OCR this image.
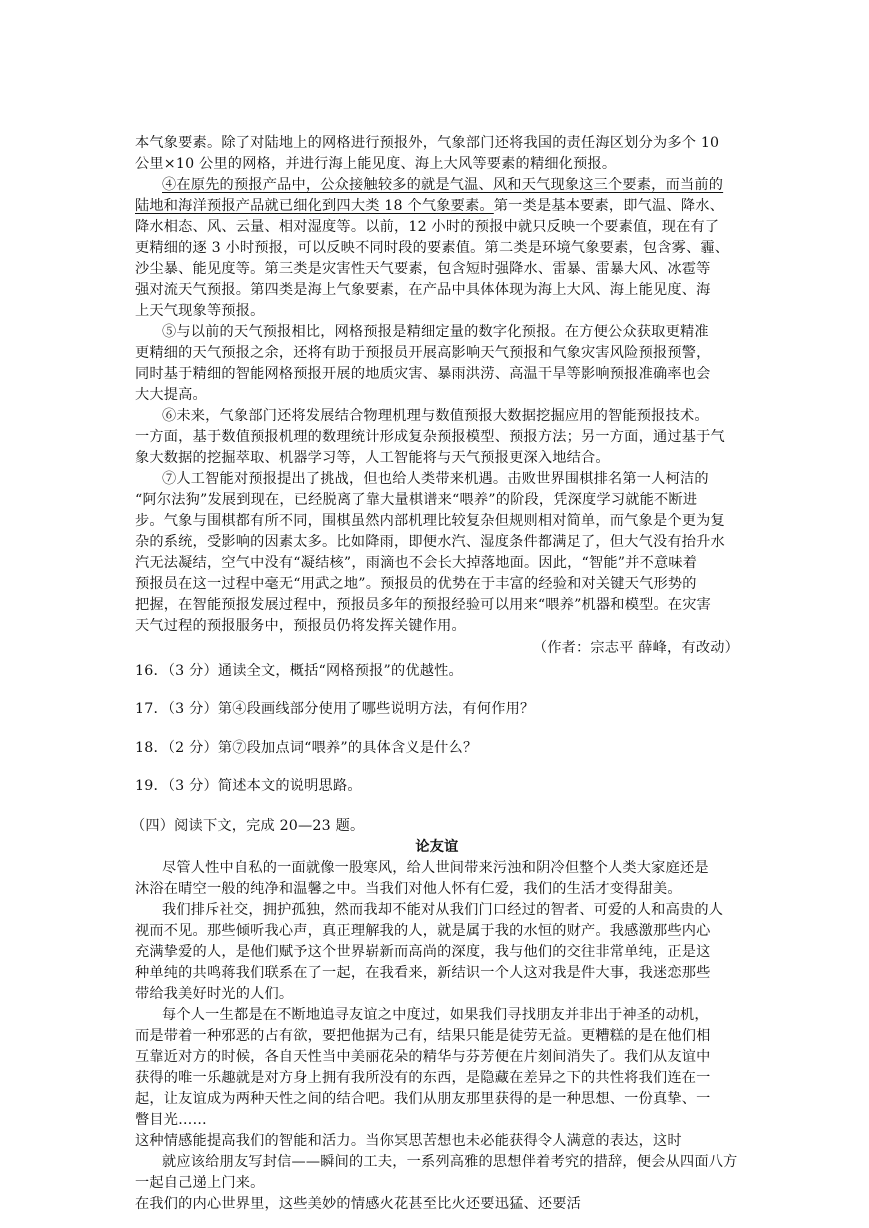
本气象要素。除了对陆地上的网格进行预报外，气象部门还将我国的责任海区划分为多个 10
公里×10 公里的网格，并进行海上能见度、海上大风等要素的精细化预报。
④在原先的预报产品中，公众接触较多的就是气温、风和天气现象这三个要素，而当前的
陆地和海洋预报产品就已细化到四大类 18 个气象要素。第一类是基本要素，即气温、降水、
降水相态、风、云量、相对湿度等。以前，12 小时的预报中就只反映一个要素值，现在有了
更精细的逐 3 小时预报，可以反映不同时段的要素值。第二类是环境气象要素，包含雾、霾、
沙尘暴、能见度等。第三类是灾害性天气要素，包含短时强降水、雷暴、雷暴大风、冰雹等
强对流天气预报。第四类是海上气象要素，在产品中具体体现为海上大风、海上能见度、海
上天气现象等预报。
⑤与以前的天气预报相比，网格预报是精细定量的数字化预报。在方便公众获取更精准
更精细的天气预报之余，还将有助于预报员开展高影响天气预报和气象灾害风险预报预警，
同时基于精细的智能网格预报开展的地质灾害、暴雨洪涝、高温干旱等影响预报准确率也会
大大提高。
⑥未来，气象部门还将发展结合物理机理与数值预报大数据挖掘应用的智能预报技术。
一方面，基于数值预报机理的数理统计形成复杂预报模型、预报方法；另一方面，通过基于气
象大数据的挖掘萃取、机器学习等，人工智能将与天气预报更深入地结合。
⑦人工智能对预报提出了挑战，但也给人类带来机遇。击败世界围棋排名第一人柯洁的
“阿尔法狗”发展到现在，已经脱离了靠大量棋谱来“喂养”的阶段，凭深度学习就能不断进
步。气象与围棋都有所不同，围棋虽然内部机理比较复杂但规则相对简单，而气象是个更为复
杂的系统，受影响的因素太多。比如降雨，即便水汽、湿度条件都满足了，但大气没有抬升水
汽无法凝结，空气中没有“凝结核”，雨滴也不会长大掉落地面。因此，“智能”并不意味着
预报员在这一过程中毫无“用武之地”。预报员的优势在于丰富的经验和对关键天气形势的
把握，在智能预报发展过程中，预报员多年的预报经验可以用来“喂养”机器和模型。在灾害
天气过程的预报服务中，预报员仍将发挥关键作用。
（作者：宗志平 薛峰，有改动）
16．（3 分）通读全文，概括“网格预报”的优越性。
17．（3 分）第④段画线部分使用了哪些说明方法，有何作用？
18．（2 分）第⑦段加点词“喂养”的具体含义是什么？
19．（3 分）简述本文的说明思路。
（四）阅读下文，完成 20—23 题。
论友谊
尽管人性中自私的一面就像一股寒风，给人世间带来污浊和阴冷但整个人类大家庭还是
沐浴在晴空一般的纯净和温馨之中。当我们对他人怀有仁爱，我们的生活才变得甜美。
我们排斥社交，拥护孤独，然而我却不能对从我们门口经过的智者、可爱的人和高贵的人
视而不见。那些倾听我心声，真正理解我的人，就是属于我的水恒的财产。我感激那些内心
充满挚爱的人，是他们赋予这个世界崭新而高尚的深度，我与他们的交往非常单纯，正是这
种单纯的共鸣蒋我们联系在了一起，在我看来，新结识一个人这对我是件大事，我迷恋那些
带给我美好时光的人们。
每个人一生都是在不断地追寻友谊之中度过，如果我们寻找朋友并非出于神圣的动机，
而是带着一种邪恶的占有欲，要把他据为己有，结果只能是徒劳无益。更糟糕的是在他们相
互靠近对方的时候，各自天性当中美丽花朵的精华与芬芳便在片刻间消失了。我们从友谊中
获得的唯一乐趣就是对方身上拥有我所没有的东西，是隐藏在差异之下的共性将我们连在一
起，让友谊成为两种天性之间的结合吧。我们从朋友那里获得的是一种思想、一份真挚、一
瞥目光……
这种情感能提高我们的智能和活力。当你冥思苦想也未必能获得令人满意的表达，这时
就应该给朋友写封信——瞬间的工夫，一系列高雅的思想伴着考究的措辞，便会从四面八方
一起自己递上门来。
在我们的内心世界里，这些美妙的情感火花甚至比火还要迅猛、还要活
